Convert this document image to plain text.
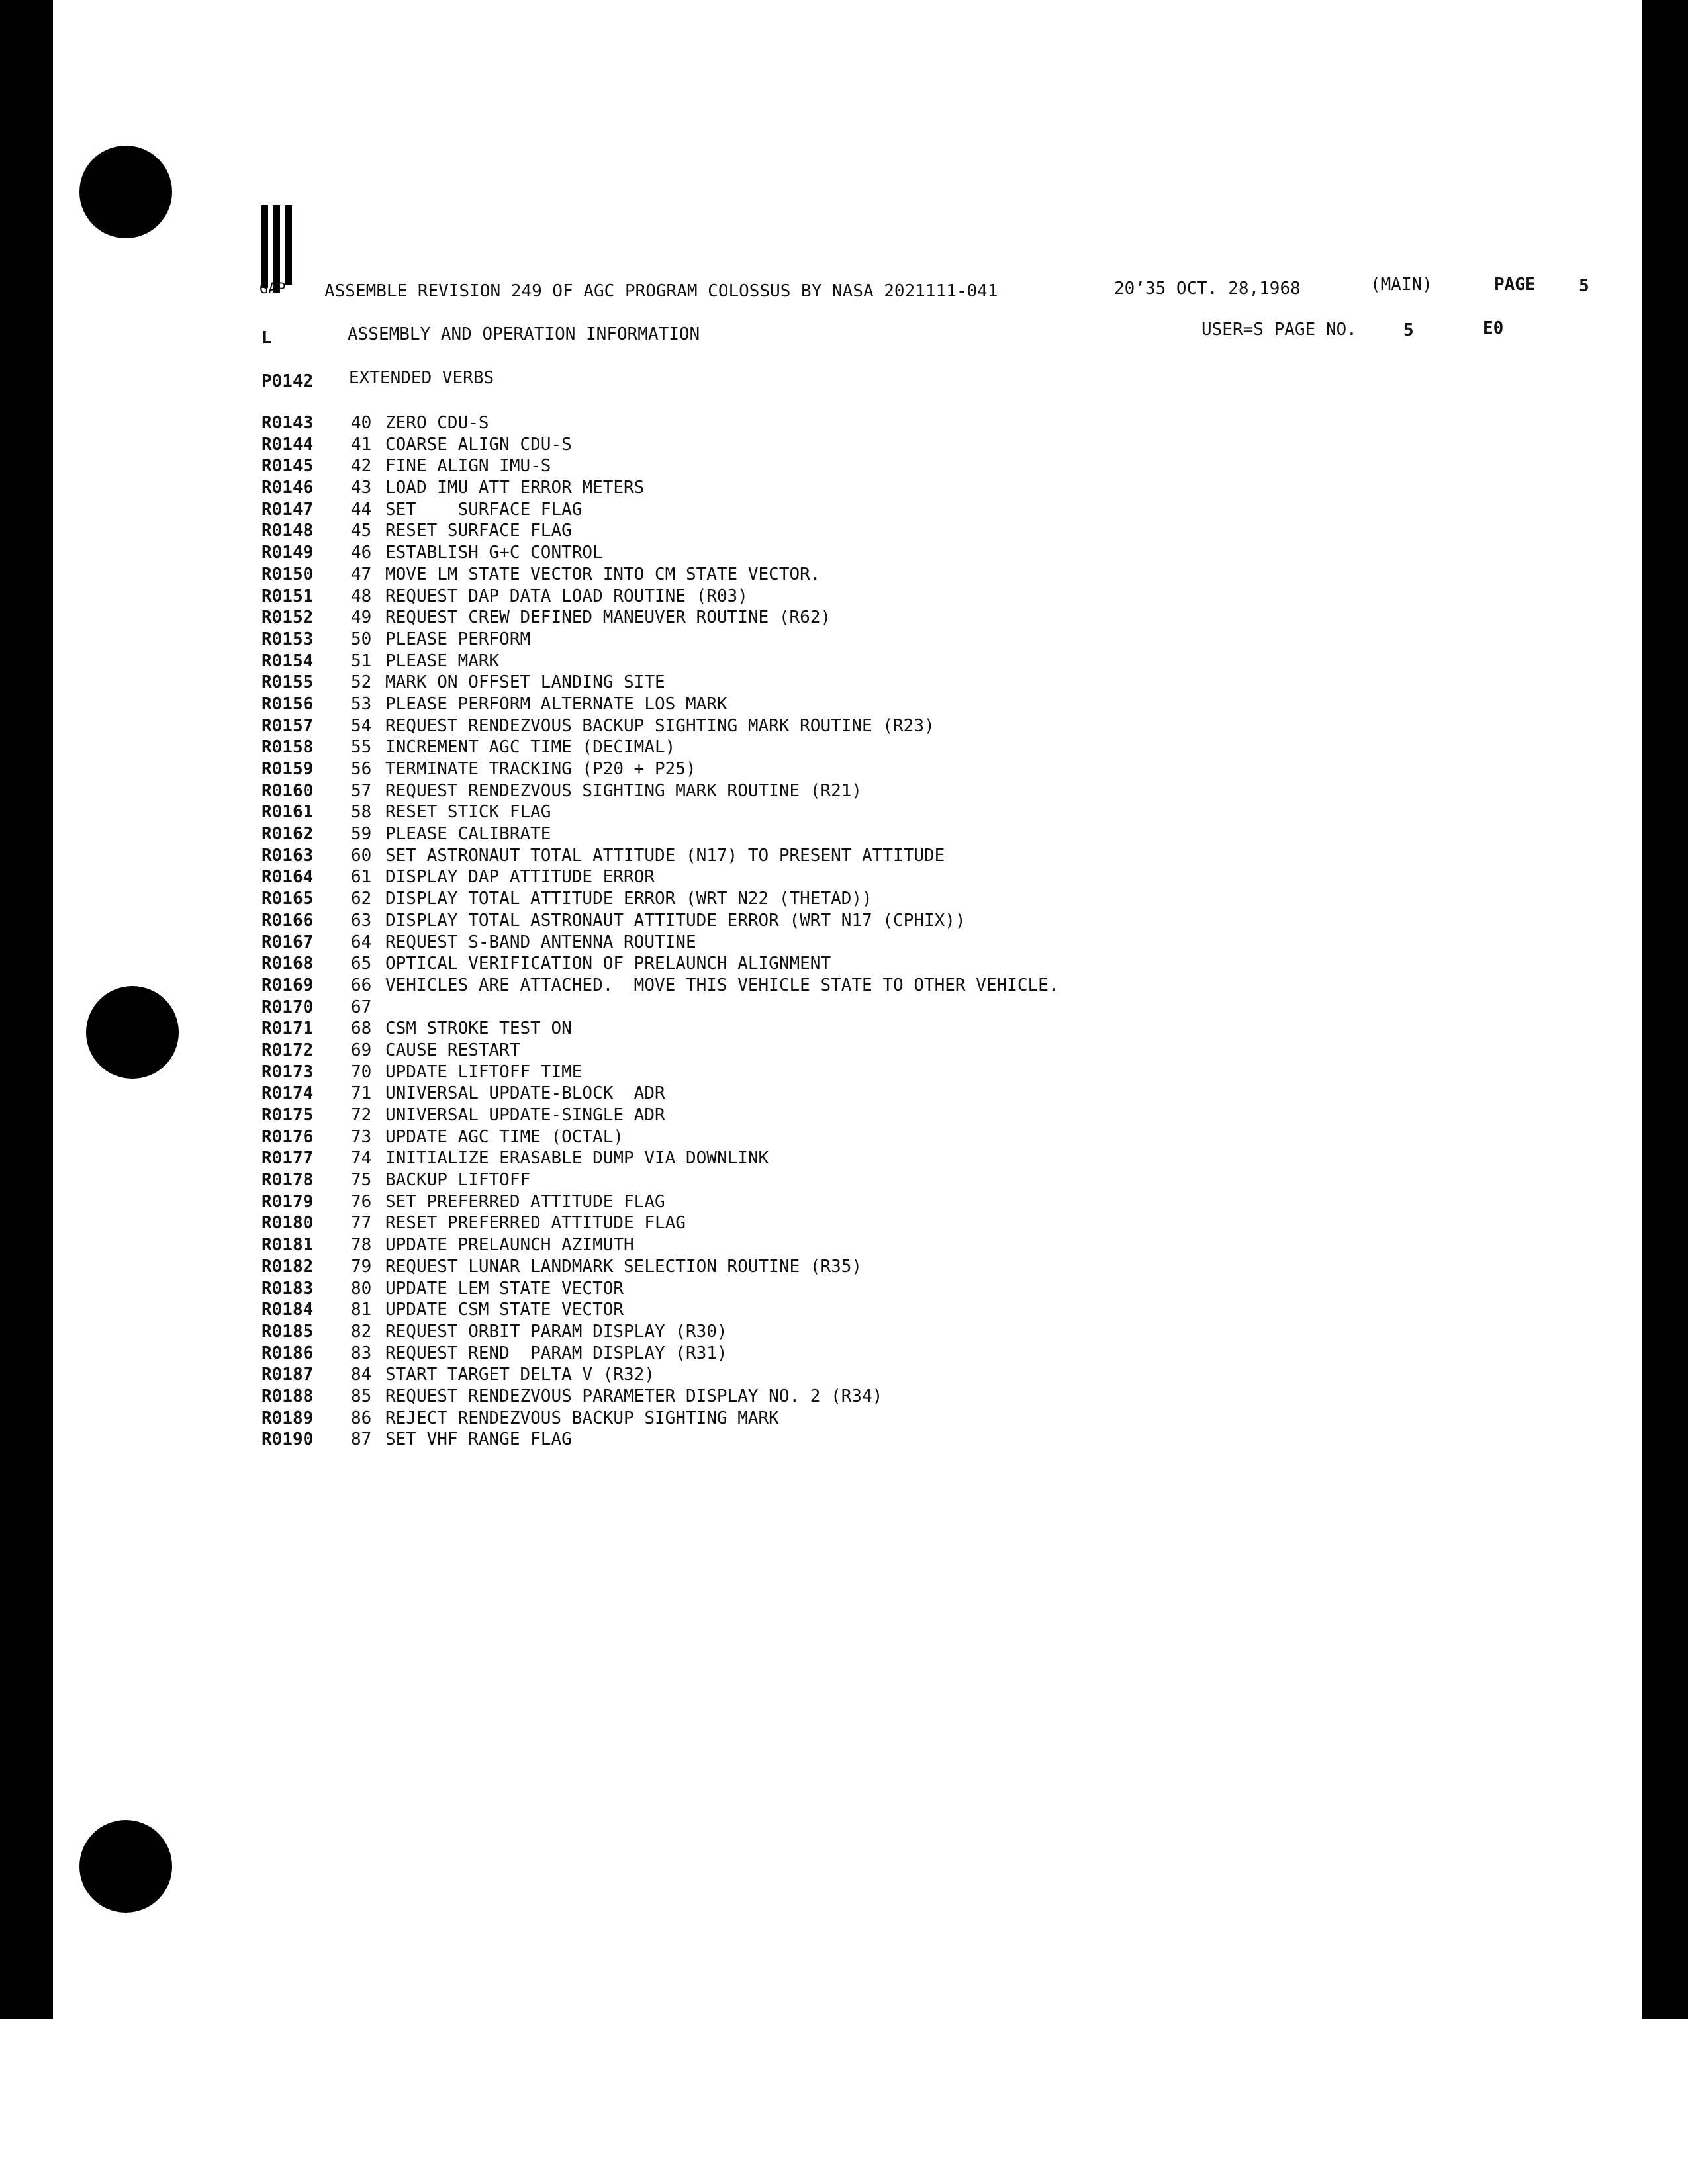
GAP ASSEMBLE REVISION 249 OF AGC PROGRAM COLOSSUS BY NASA 2021111-041	20’35 OCT. 28,1968	(MAIN)	PAGE	5
L	ASSEMBLY AND OPERATION INFORMATION	USER=S PAGE NO.	5	E0
P0142 EXTENDED VERBS
R0143 40 ZERO CDU-S
R0144 41 COARSE ALIGN CDU-S
R0145 42 FINE ALIGN IMU-S
R0146 43 LOAD IMU ATT ERROR METERS
R0147 44 SET    SURFACE FLAG
R0148 45 RESET SURFACE FLAG
R0149 46 ESTABLISH G+C CONTROL
R0150 47 MOVE LM STATE VECTOR INTO CM STATE VECTOR.
R0151 48 REQUEST DAP DATA LOAD ROUTINE (R03)
R0152 49 REQUEST CREW DEFINED MANEUVER ROUTINE (R62)
R0153 50 PLEASE PERFORM
R0154 51 PLEASE MARK
R0155 52 MARK ON OFFSET LANDING SITE
R0156 53 PLEASE PERFORM ALTERNATE LOS MARK
R0157 54 REQUEST RENDEZVOUS BACKUP SIGHTING MARK ROUTINE (R23)
R0158 55 INCREMENT AGC TIME (DECIMAL)
R0159 56 TERMINATE TRACKING (P20 + P25)
R0160 57 REQUEST RENDEZVOUS SIGHTING MARK ROUTINE (R21)
R0161 58 RESET STICK FLAG
R0162 59 PLEASE CALIBRATE
R0163 60 SET ASTRONAUT TOTAL ATTITUDE (N17) TO PRESENT ATTITUDE
R0164 61 DISPLAY DAP ATTITUDE ERROR
R0165 62 DISPLAY TOTAL ATTITUDE ERROR (WRT N22 (THETAD))
R0166 63 DISPLAY TOTAL ASTRONAUT ATTITUDE ERROR (WRT N17 (CPHIX))
R0167 64 REQUEST S-BAND ANTENNA ROUTINE
R0168 65 OPTICAL VERIFICATION OF PRELAUNCH ALIGNMENT
R0169 66 VEHICLES ARE ATTACHED.  MOVE THIS VEHICLE STATE TO OTHER VEHICLE.
R0170 67
R0171 68 CSM STROKE TEST ON
R0172 69 CAUSE RESTART
R0173 70 UPDATE LIFTOFF TIME
R0174 71 UNIVERSAL UPDATE-BLOCK  ADR
R0175 72 UNIVERSAL UPDATE-SINGLE ADR
R0176 73 UPDATE AGC TIME (OCTAL)
R0177 74 INITIALIZE ERASABLE DUMP VIA DOWNLINK
R0178 75 BACKUP LIFTOFF
R0179 76 SET PREFERRED ATTITUDE FLAG
R0180 77 RESET PREFERRED ATTITUDE FLAG
R0181 78 UPDATE PRELAUNCH AZIMUTH
R0182 79 REQUEST LUNAR LANDMARK SELECTION ROUTINE (R35)
R0183 80 UPDATE LEM STATE VECTOR
R0184 81 UPDATE CSM STATE VECTOR
R0185 82 REQUEST ORBIT PARAM DISPLAY (R30)
R0186 83 REQUEST REND  PARAM DISPLAY (R31)
R0187 84 START TARGET DELTA V (R32)
R0188 85 REQUEST RENDEZVOUS PARAMETER DISPLAY NO. 2 (R34)
R0189 86 REJECT RENDEZVOUS BACKUP SIGHTING MARK
R0190 87 SET VHF RANGE FLAG
